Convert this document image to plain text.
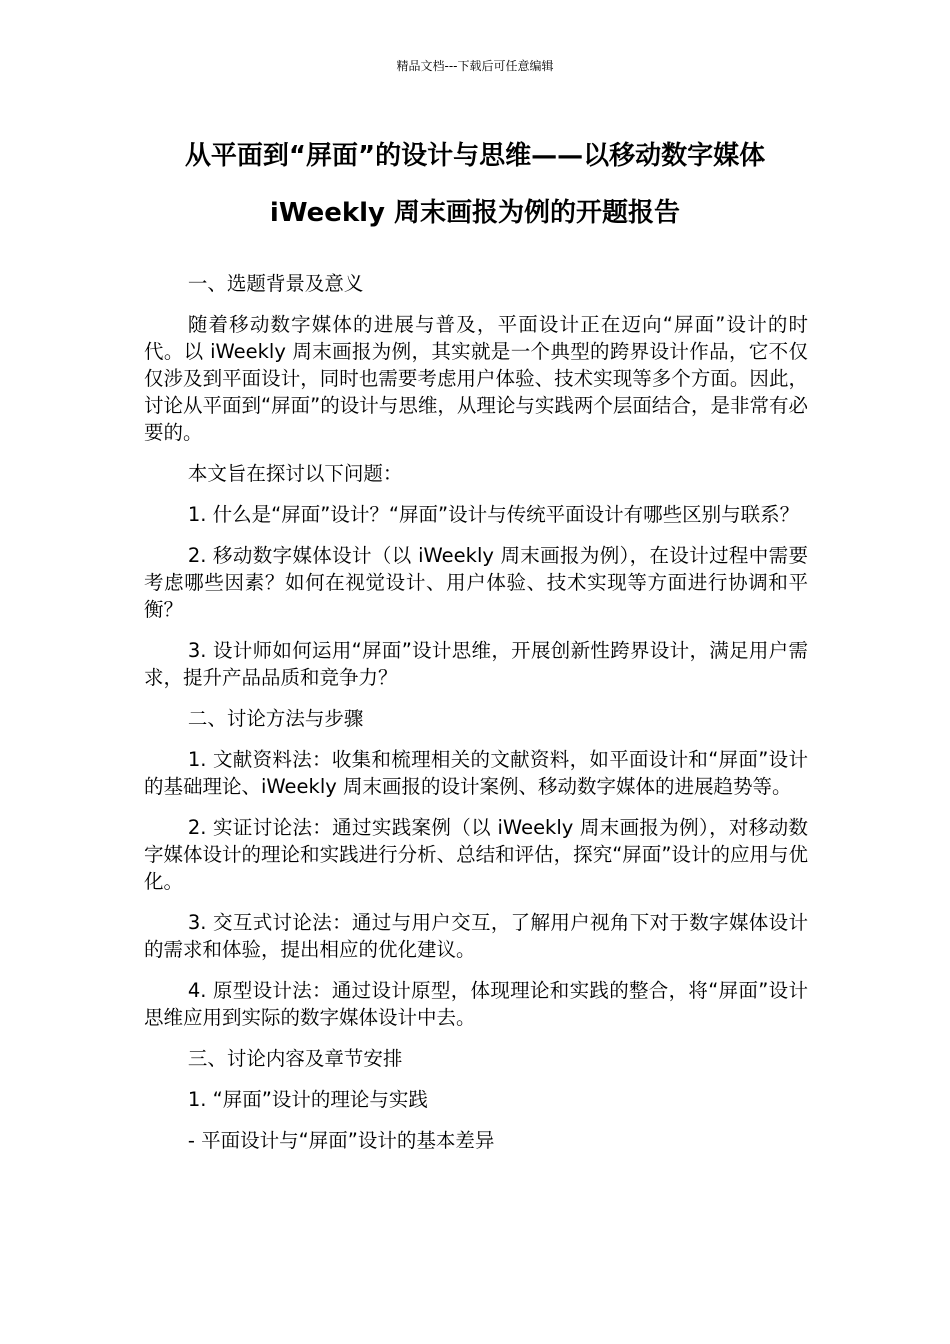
精品文档---下载后可任意编辑
从平面到“屏面”的设计与思维——以移动数字媒体
iWeekly 周末画报为例的开题报告

一、选题背景及意义

随着移动数字媒体的进展与普及，平面设计正在迈向“屏面”设计的时代。以 iWeekly 周末画报为例，其实就是一个典型的跨界设计作品，它不仅仅涉及到平面设计，同时也需要考虑用户体验、技术实现等多个方面。因此，讨论从平面到“屏面”的设计与思维，从理论与实践两个层面结合，是非常有必要的。

本文旨在探讨以下问题：

1. 什么是“屏面”设计？“屏面”设计与传统平面设计有哪些区别与联系？

2. 移动数字媒体设计（以 iWeekly 周末画报为例），在设计过程中需要考虑哪些因素？如何在视觉设计、用户体验、技术实现等方面进行协调和平衡？

3. 设计师如何运用“屏面”设计思维，开展创新性跨界设计，满足用户需求，提升产品品质和竞争力？

二、讨论方法与步骤

1. 文献资料法：收集和梳理相关的文献资料，如平面设计和“屏面”设计的基础理论、iWeekly 周末画报的设计案例、移动数字媒体的进展趋势等。

2. 实证讨论法：通过实践案例（以 iWeekly 周末画报为例），对移动数字媒体设计的理论和实践进行分析、总结和评估，探究“屏面”设计的应用与优化。

3. 交互式讨论法：通过与用户交互，了解用户视角下对于数字媒体设计的需求和体验，提出相应的优化建议。

4. 原型设计法：通过设计原型，体现理论和实践的整合，将“屏面”设计思维应用到实际的数字媒体设计中去。

三、讨论内容及章节安排

1. “屏面”设计的理论与实践

- 平面设计与“屏面”设计的基本差异
